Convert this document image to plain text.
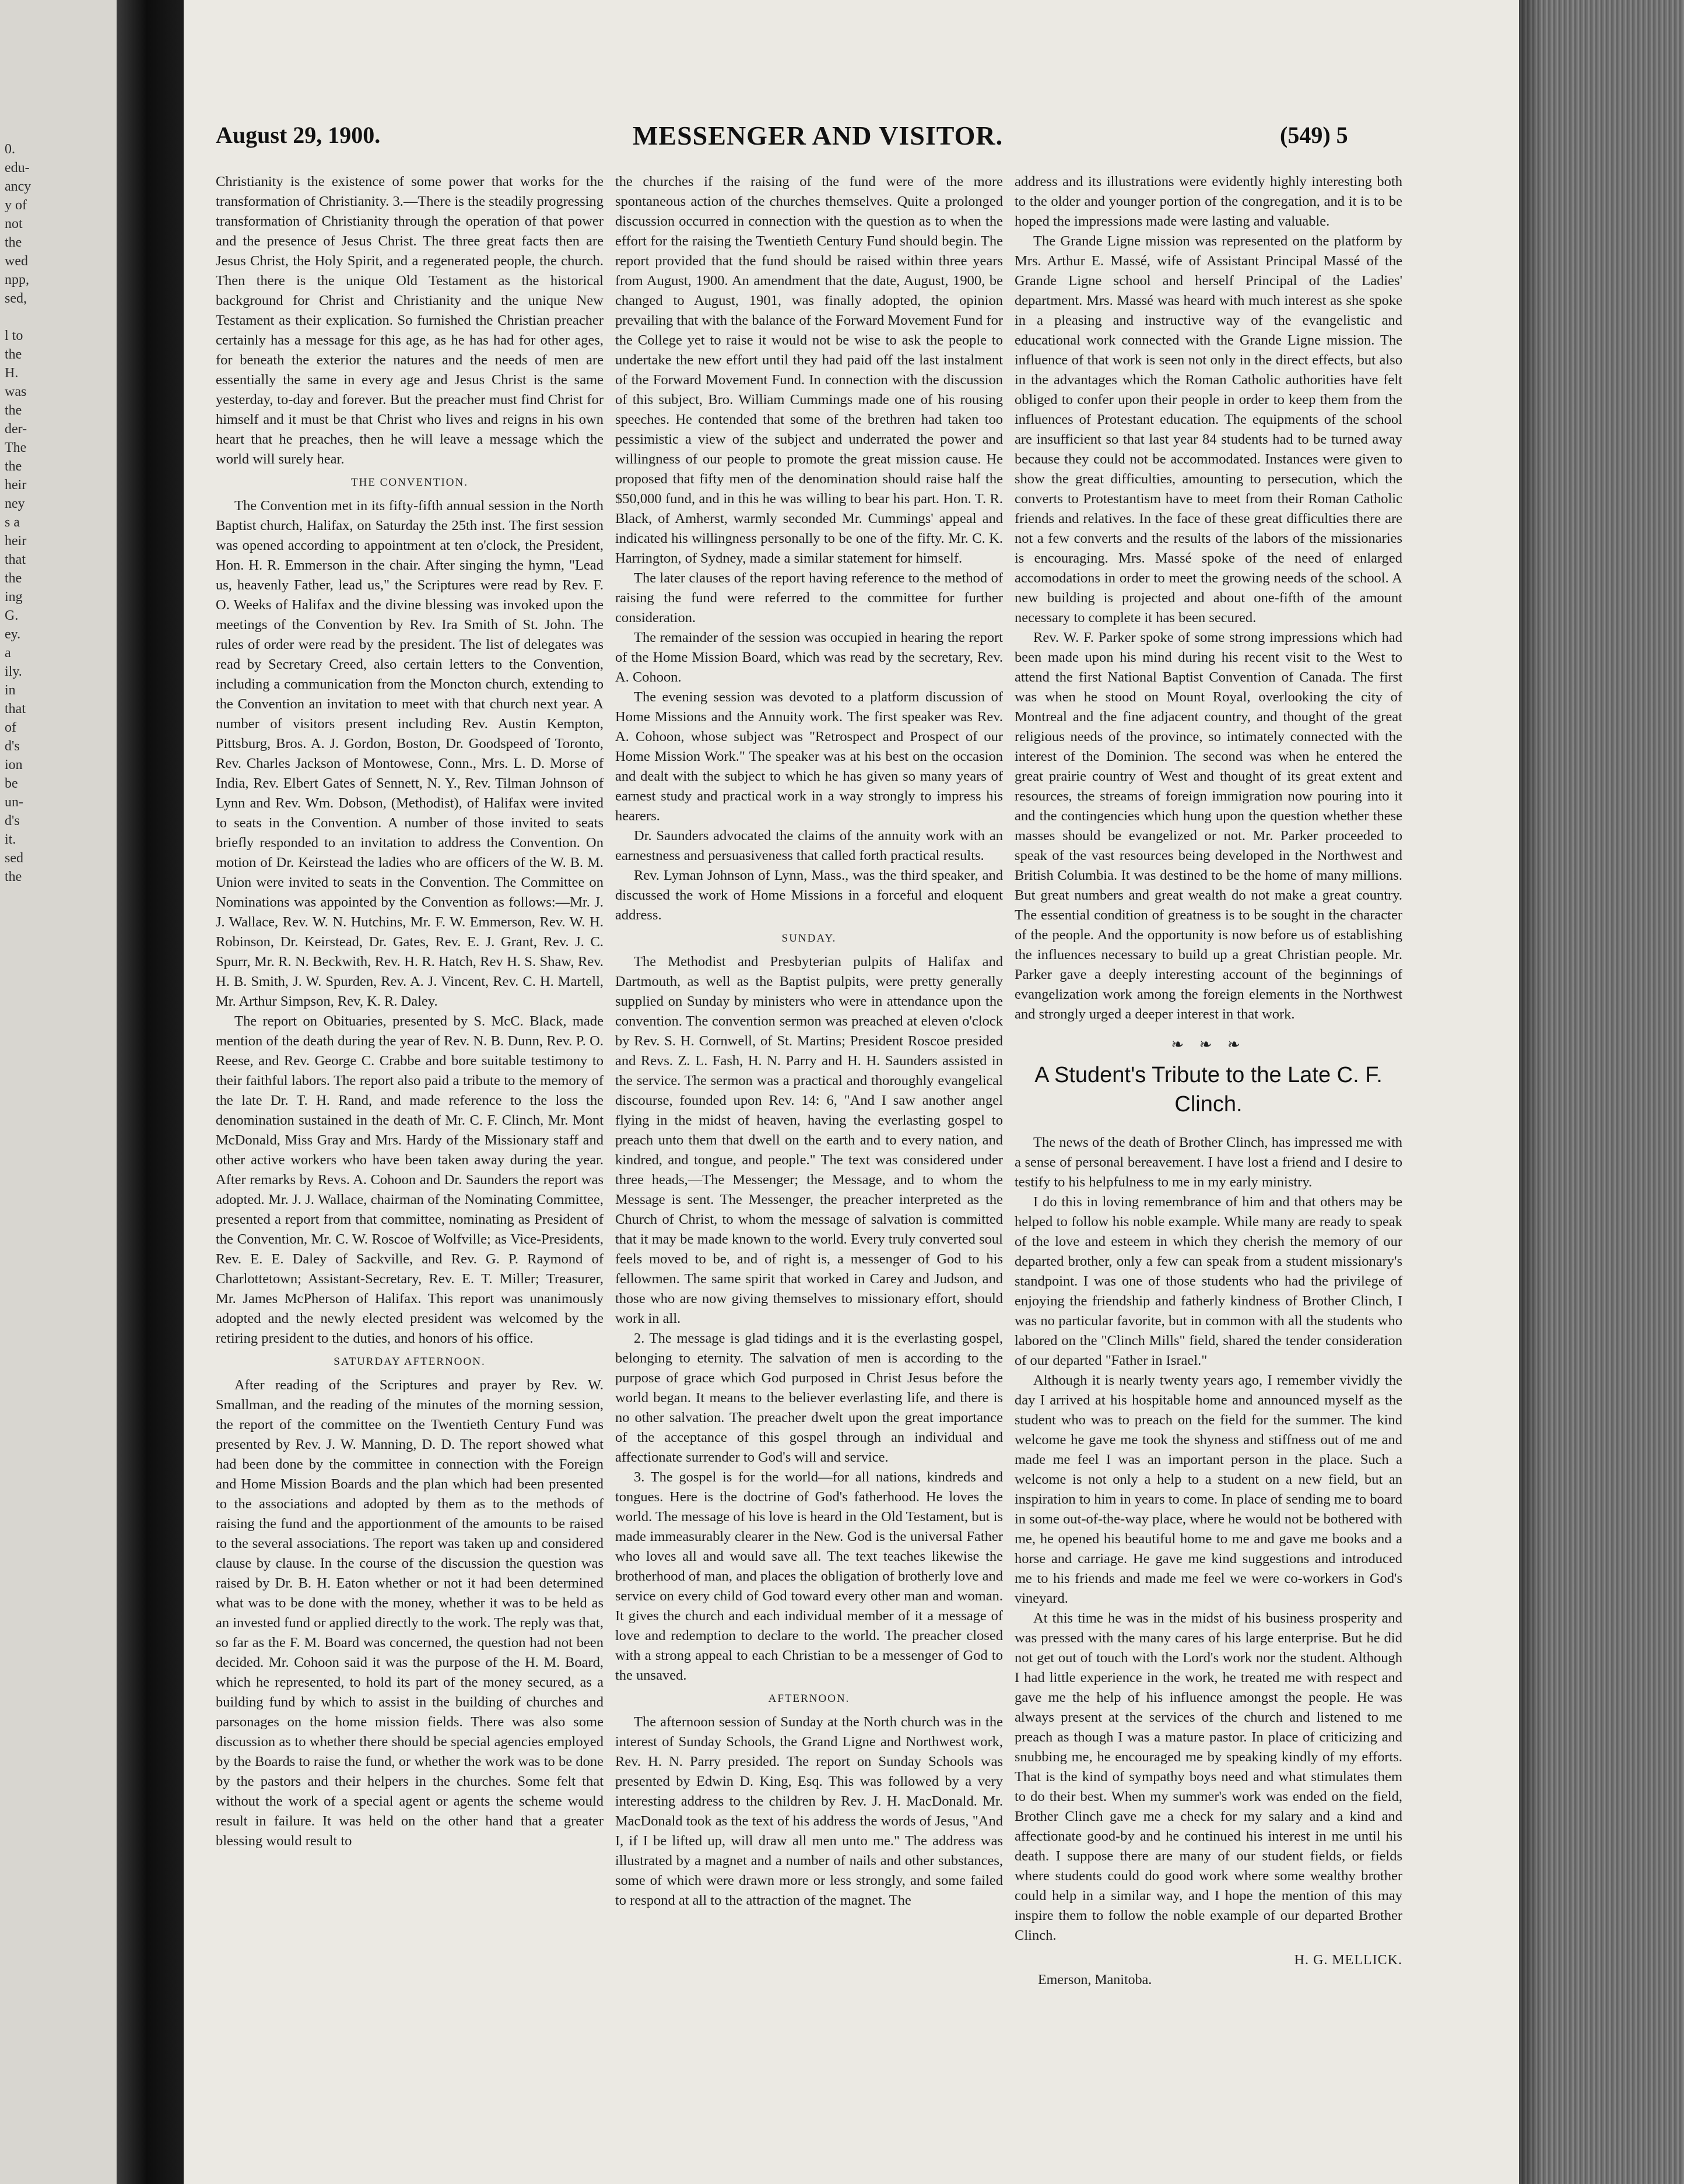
0.
edu-
ancy
y of
not
the
wed
npp,
sed,

l to
the
H.
was
the
der-
The
the
heir
ney
s a
heir
that
the
ing
G.
ey.
a
ily.
in
that
of
d's
ion
be
un-
d's
it.
sed
the
August 29, 1900.	MESSENGER AND VISITOR.	(549) 5

Christianity is the existence of some power that works for the transformation of Christianity. 3.—There is the steadily progressing transformation of Christianity through the operation of that power and the presence of Jesus Christ. The three great facts then are Jesus Christ, the Holy Spirit, and a regenerated people, the church. Then there is the unique Old Testament as the historical background for Christ and Christianity and the unique New Testament as their explication. So furnished the Christian preacher certainly has a message for this age, as he has had for other ages, for beneath the exterior the natures and the needs of men are essentially the same in every age and Jesus Christ is the same yesterday, to-day and forever. But the preacher must find Christ for himself and it must be that Christ who lives and reigns in his own heart that he preaches, then he will leave a message which the world will surely hear.

THE CONVENTION.

The Convention met in its fifty-fifth annual session in the North Baptist church, Halifax, on Saturday the 25th inst. The first session was opened according to appointment at ten o'clock, the President, Hon. H. R. Emmerson in the chair. After singing the hymn, "Lead us, heavenly Father, lead us," the Scriptures were read by Rev. F. O. Weeks of Halifax and the divine blessing was invoked upon the meetings of the Convention by Rev. Ira Smith of St. John. The rules of order were read by the president. The list of delegates was read by Secretary Creed, also certain letters to the Convention, including a communication from the Moncton church, extending to the Convention an invitation to meet with that church next year. A number of visitors present including Rev. Austin Kempton, Pittsburg, Bros. A. J. Gordon, Boston, Dr. Goodspeed of Toronto, Rev. Charles Jackson of Montowese, Conn., Mrs. L. D. Morse of India, Rev. Elbert Gates of Sennett, N. Y., Rev. Tilman Johnson of Lynn and Rev. Wm. Dobson, (Methodist), of Halifax were invited to seats in the Convention. A number of those invited to seats briefly responded to an invitation to address the Convention. On motion of Dr. Keirstead the ladies who are officers of the W. B. M. Union were invited to seats in the Convention. The Committee on Nominations was appointed by the Convention as follows:—Mr. J. J. Wallace, Rev. W. N. Hutchins, Mr. F. W. Emmerson, Rev. W. H. Robinson, Dr. Keirstead, Dr. Gates, Rev. E. J. Grant, Rev. J. C. Spurr, Mr. R. N. Beckwith, Rev. H. R. Hatch, Rev H. S. Shaw, Rev. H. B. Smith, J. W. Spurden, Rev. A. J. Vincent, Rev. C. H. Martell, Mr. Arthur Simpson, Rev, K. R. Daley.

The report on Obituaries, presented by S. McC. Black, made mention of the death during the year of Rev. N. B. Dunn, Rev. P. O. Reese, and Rev. George C. Crabbe and bore suitable testimony to their faithful labors. The report also paid a tribute to the memory of the late Dr. T. H. Rand, and made reference to the loss the denomination sustained in the death of Mr. C. F. Clinch, Mr. Mont McDonald, Miss Gray and Mrs. Hardy of the Missionary staff and other active workers who have been taken away during the year. After remarks by Revs. A. Cohoon and Dr. Saunders the report was adopted. Mr. J. J. Wallace, chairman of the Nominating Committee, presented a report from that committee, nominating as President of the Convention, Mr. C. W. Roscoe of Wolfville; as Vice-Presidents, Rev. E. E. Daley of Sackville, and Rev. G. P. Raymond of Charlottetown; Assistant-Secretary, Rev. E. T. Miller; Treasurer, Mr. James McPherson of Halifax. This report was unanimously adopted and the newly elected president was welcomed by the retiring president to the duties, and honors of his office.

SATURDAY AFTERNOON.

After reading of the Scriptures and prayer by Rev. W. Smallman, and the reading of the minutes of the morning session, the report of the committee on the Twentieth Century Fund was presented by Rev. J. W. Manning, D. D. The report showed what had been done by the committee in connection with the Foreign and Home Mission Boards and the plan which had been presented to the associations and adopted by them as to the methods of raising the fund and the apportionment of the amounts to be raised to the several associations. The report was taken up and considered clause by clause. In the course of the discussion the question was raised by Dr. B. H. Eaton whether or not it had been determined what was to be done with the money, whether it was to be held as an invested fund or applied directly to the work. The reply was that, so far as the F. M. Board was concerned, the question had not been decided. Mr. Cohoon said it was the purpose of the H. M. Board, which he represented, to hold its part of the money secured, as a building fund by which to assist in the building of churches and parsonages on the home mission fields. There was also some discussion as to whether there should be special agencies employed by the Boards to raise the fund, or whether the work was to be done by the pastors and their helpers in the churches. Some felt that without the work of a special agent or agents the scheme would result in failure. It was held on the other hand that a greater blessing would result to

the churches if the raising of the fund were of the more spontaneous action of the churches themselves. Quite a prolonged discussion occurred in connection with the question as to when the effort for the raising the Twentieth Century Fund should begin. The report provided that the fund should be raised within three years from August, 1900. An amendment that the date, August, 1900, be changed to August, 1901, was finally adopted, the opinion prevailing that with the balance of the Forward Movement Fund for the College yet to raise it would not be wise to ask the people to undertake the new effort until they had paid off the last instalment of the Forward Movement Fund. In connection with the discussion of this subject, Bro. William Cummings made one of his rousing speeches. He contended that some of the brethren had taken too pessimistic a view of the subject and underrated the power and willingness of our people to promote the great mission cause. He proposed that fifty men of the denomination should raise half the $50,000 fund, and in this he was willing to bear his part. Hon. T. R. Black, of Amherst, warmly seconded Mr. Cummings' appeal and indicated his willingness personally to be one of the fifty. Mr. C. K. Harrington, of Sydney, made a similar statement for himself.

The later clauses of the report having reference to the method of raising the fund were referred to the committee for further consideration.

The remainder of the session was occupied in hearing the report of the Home Mission Board, which was read by the secretary, Rev. A. Cohoon.

The evening session was devoted to a platform discussion of Home Missions and the Annuity work. The first speaker was Rev. A. Cohoon, whose subject was "Retrospect and Prospect of our Home Mission Work." The speaker was at his best on the occasion and dealt with the subject to which he has given so many years of earnest study and practical work in a way strongly to impress his hearers.

Dr. Saunders advocated the claims of the annuity work with an earnestness and persuasiveness that called forth practical results.

Rev. Lyman Johnson of Lynn, Mass., was the third speaker, and discussed the work of Home Missions in a forceful and eloquent address.

SUNDAY.

The Methodist and Presbyterian pulpits of Halifax and Dartmouth, as well as the Baptist pulpits, were pretty generally supplied on Sunday by ministers who were in attendance upon the convention. The convention sermon was preached at eleven o'clock by Rev. S. H. Cornwell, of St. Martins; President Roscoe presided and Revs. Z. L. Fash, H. N. Parry and H. H. Saunders assisted in the service. The sermon was a practical and thoroughly evangelical discourse, founded upon Rev. 14: 6, "And I saw another angel flying in the midst of heaven, having the everlasting gospel to preach unto them that dwell on the earth and to every nation, and kindred, and tongue, and people." The text was considered under three heads,—The Messenger; the Message, and to whom the Message is sent. The Messenger, the preacher interpreted as the Church of Christ, to whom the message of salvation is committed that it may be made known to the world. Every truly converted soul feels moved to be, and of right is, a messenger of God to his fellowmen. The same spirit that worked in Carey and Judson, and those who are now giving themselves to missionary effort, should work in all.

2. The message is glad tidings and it is the everlasting gospel, belonging to eternity. The salvation of men is according to the purpose of grace which God purposed in Christ Jesus before the world began. It means to the believer everlasting life, and there is no other salvation. The preacher dwelt upon the great importance of the acceptance of this gospel through an individual and affectionate surrender to God's will and service.

3. The gospel is for the world—for all nations, kindreds and tongues. Here is the doctrine of God's fatherhood. He loves the world. The message of his love is heard in the Old Testament, but is made immeasurably clearer in the New. God is the universal Father who loves all and would save all. The text teaches likewise the brotherhood of man, and places the obligation of brotherly love and service on every child of God toward every other man and woman. It gives the church and each individual member of it a message of love and redemption to declare to the world. The preacher closed with a strong appeal to each Christian to be a messenger of God to the unsaved.

AFTERNOON.

The afternoon session of Sunday at the North church was in the interest of Sunday Schools, the Grand Ligne and Northwest work, Rev. H. N. Parry presided. The report on Sunday Schools was presented by Edwin D. King, Esq. This was followed by a very interesting address to the children by Rev. J. H. MacDonald. Mr. MacDonald took as the text of his address the words of Jesus, "And I, if I be lifted up, will draw all men unto me." The address was illustrated by a magnet and a number of nails and other substances, some of which were drawn more or less strongly, and some failed to respond at all to the attraction of the magnet. The

address and its illustrations were evidently highly interesting both to the older and younger portion of the congregation, and it is to be hoped the impressions made were lasting and valuable.

The Grande Ligne mission was represented on the platform by Mrs. Arthur E. Massé, wife of Assistant Principal Massé of the Grande Ligne school and herself Principal of the Ladies' department. Mrs. Massé was heard with much interest as she spoke in a pleasing and instructive way of the evangelistic and educational work connected with the Grande Ligne mission. The influence of that work is seen not only in the direct effects, but also in the advantages which the Roman Catholic authorities have felt obliged to confer upon their people in order to keep them from the influences of Protestant education. The equipments of the school are insufficient so that last year 84 students had to be turned away because they could not be accommodated. Instances were given to show the great difficulties, amounting to persecution, which the converts to Protestantism have to meet from their Roman Catholic friends and relatives. In the face of these great difficulties there are not a few converts and the results of the labors of the missionaries is encouraging. Mrs. Massé spoke of the need of enlarged accomodations in order to meet the growing needs of the school. A new building is projected and about one-fifth of the amount necessary to complete it has been secured.

Rev. W. F. Parker spoke of some strong impressions which had been made upon his mind during his recent visit to the West to attend the first National Baptist Convention of Canada. The first was when he stood on Mount Royal, overlooking the city of Montreal and the fine adjacent country, and thought of the great religious needs of the province, so intimately connected with the interest of the Dominion. The second was when he entered the great prairie country of West and thought of its great extent and resources, the streams of foreign immigration now pouring into it and the contingencies which hung upon the question whether these masses should be evangelized or not. Mr. Parker proceeded to speak of the vast resources being developed in the Northwest and British Columbia. It was destined to be the home of many millions. But great numbers and great wealth do not make a great country. The essential condition of greatness is to be sought in the character of the people. And the opportunity is now before us of establishing the influences necessary to build up a great Christian people. Mr. Parker gave a deeply interesting account of the beginnings of evangelization work among the foreign elements in the Northwest and strongly urged a deeper interest in that work.

❧ ❧ ❧
A Student's Tribute to the Late C. F. Clinch.

The news of the death of Brother Clinch, has impressed me with a sense of personal bereavement. I have lost a friend and I desire to testify to his helpfulness to me in my early ministry.

I do this in loving remembrance of him and that others may be helped to follow his noble example. While many are ready to speak of the love and esteem in which they cherish the memory of our departed brother, only a few can speak from a student missionary's standpoint. I was one of those students who had the privilege of enjoying the friendship and fatherly kindness of Brother Clinch, I was no particular favorite, but in common with all the students who labored on the "Clinch Mills" field, shared the tender consideration of our departed "Father in Israel."

Although it is nearly twenty years ago, I remember vividly the day I arrived at his hospitable home and announced myself as the student who was to preach on the field for the summer. The kind welcome he gave me took the shyness and stiffness out of me and made me feel I was an important person in the place. Such a welcome is not only a help to a student on a new field, but an inspiration to him in years to come. In place of sending me to board in some out-of-the-way place, where he would not be bothered with me, he opened his beautiful home to me and gave me books and a horse and carriage. He gave me kind suggestions and introduced me to his friends and made me feel we were co-workers in God's vineyard.

At this time he was in the midst of his business prosperity and was pressed with the many cares of his large enterprise. But he did not get out of touch with the Lord's work nor the student. Although I had little experience in the work, he treated me with respect and gave me the help of his influence amongst the people. He was always present at the services of the church and listened to me preach as though I was a mature pastor. In place of criticizing and snubbing me, he encouraged me by speaking kindly of my efforts. That is the kind of sympathy boys need and what stimulates them to do their best. When my summer's work was ended on the field, Brother Clinch gave me a check for my salary and a kind and affectionate good-by and he continued his interest in me until his death. I suppose there are many of our student fields, or fields where students could do good work where some wealthy brother could help in a similar way, and I hope the mention of this may inspire them to follow the noble example of our departed Brother Clinch.

H. G. MELLICK.
Emerson, Manitoba.
